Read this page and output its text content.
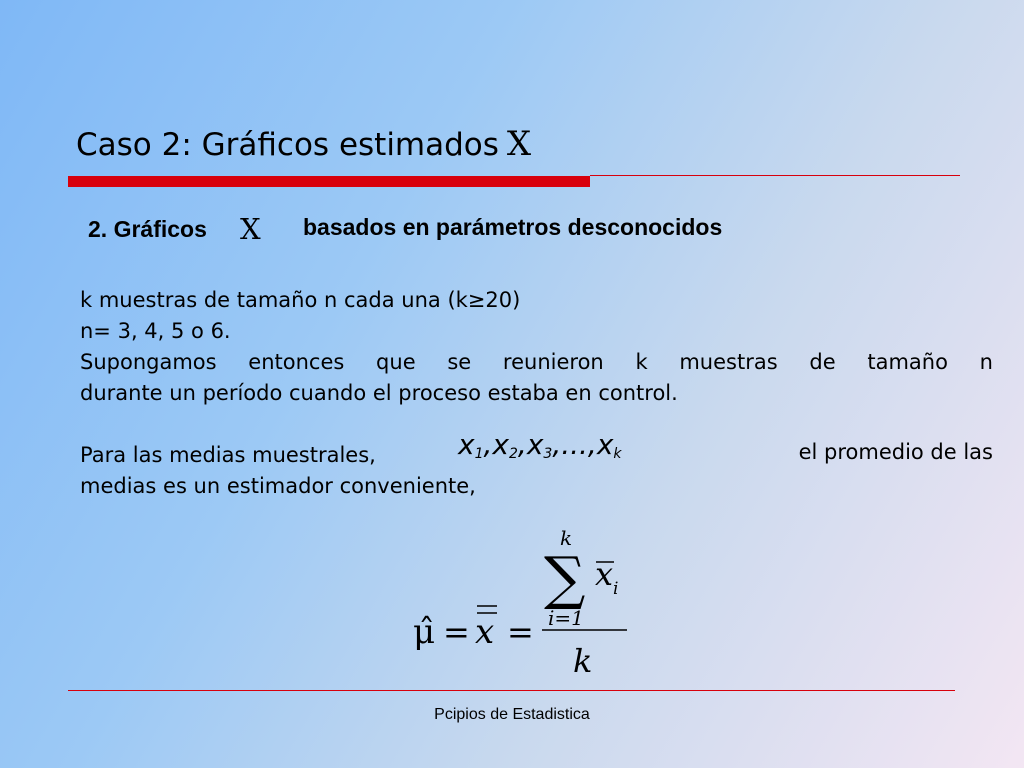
Caso 2: Gráficos estimados X
2. Gráficos X basados en parámetros desconocidos
k muestras de tamaño n cada una (k≥20)
n= 3, 4, 5 o 6.
Supongamos entonces que se reunieron k muestras de tamaño n
durante un período cuando el proceso estaba en control.
Para las medias muestrales,	$x_1,x_2,x_3,...,x_k$	el promedio de las
medias es un estimador conveniente,
μ̂ = x =
k
∑
i=1
x i
k
Pcipios de Estadistica
